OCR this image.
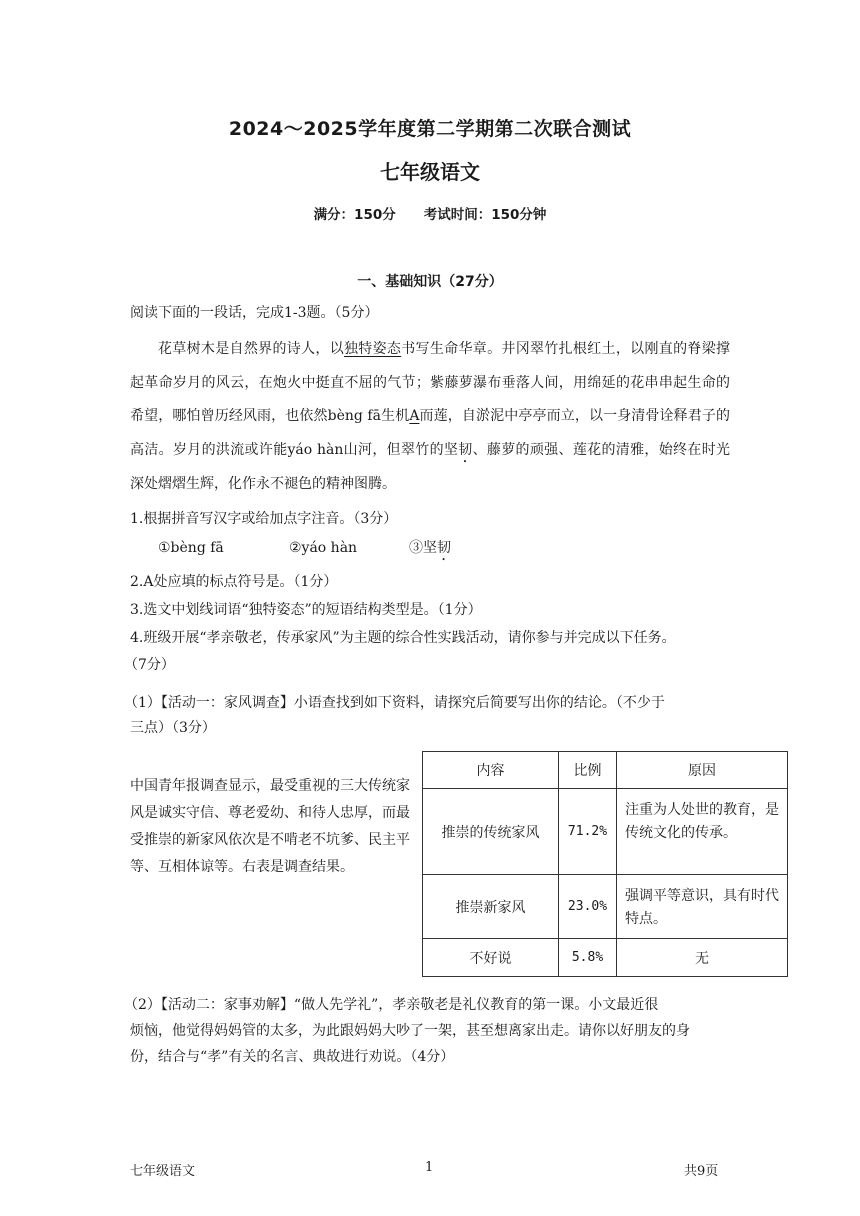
2024～2025学年度第二学期第二次联合测试
七年级语文
满分：150分 考试时间：150分钟
一、基础知识（27分）
阅读下面的一段话，完成1-3题。（5分）
花草树木是自然界的诗人，以独特姿态书写生命华章。井冈翠竹扎根红土，以刚直的脊梁撑起革命岁月的风云，在炮火中挺直不屈的气节；紫藤萝瀑布垂落人间，用绵延的花串串起生命的希望，哪怕曾历经风雨，也依然bèng fā生机A而莲，自淤泥中亭亭而立，以一身清骨诠释君子的高洁。岁月的洪流或许能yáo hàn山河，但翠竹的坚韧、藤萝的顽强、莲花的清雅，始终在时光深处熠熠生辉，化作永不褪色的精神图腾。
1.根据拼音写汉字或给加点字注音。（3分）
①bèng fā	②yáo hàn	③坚韧
2.A处应填的标点符号是。（1分）
3.选文中划线词语“独特姿态”的短语结构类型是。（1分）
4.班级开展“孝亲敬老，传承家风”为主题的综合性实践活动，请你参与并完成以下任务。
（7分）
（1）【活动一：家风调查】小语查找到如下资料，请探究后简要写出你的结论。（不少于
三点）（3分）
中国青年报调查显示，最受重视的三大传统家风是诚实守信、尊老爱幼、和待人忠厚，而最受推崇的新家风依次是不啃老不坑爹、民主平等、互相体谅等。右表是调查结果。
内容	比例	原因
推崇的传统家风	71.2%	注重为人处世的教育，是传统文化的传承。
推崇新家风	23.0%	强调平等意识，具有时代特点。
不好说	5.8%	无
（2）【活动二：家事劝解】“做人先学礼”，孝亲敬老是礼仪教育的第一课。小文最近很
烦恼，他觉得妈妈管的太多，为此跟妈妈大吵了一架，甚至想离家出走。请你以好朋友的身
份，结合与“孝”有关的名言、典故进行劝说。（4分）
七年级语文	1	共9页
